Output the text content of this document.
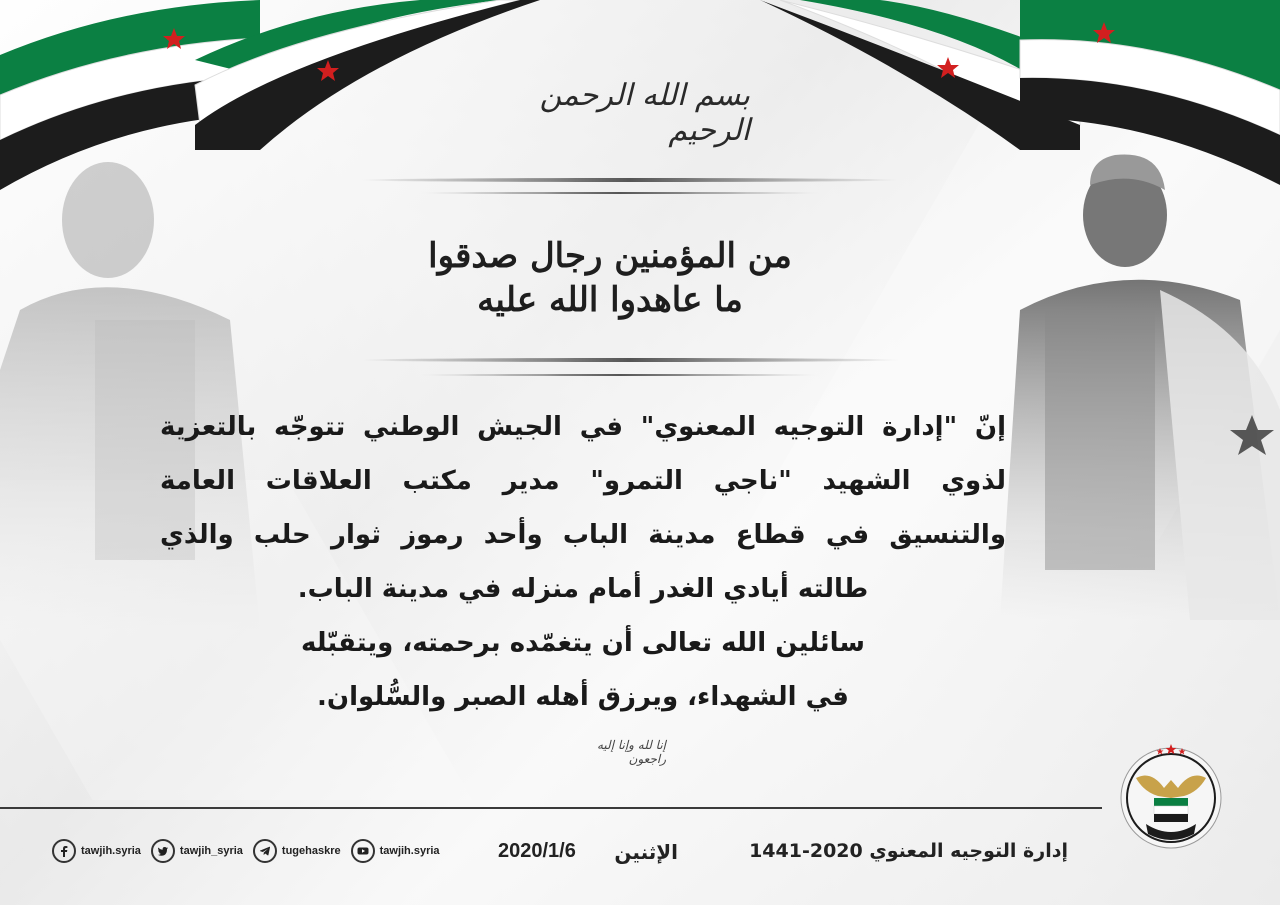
بسم الله الرحمن الرحيم
من المؤمنين رجال صدقوا ما عاهدوا الله عليه
إنّ "إدارة التوجيه المعنوي" في الجيش الوطني تتوجّه بالتعزية
لذوي الشهيد "ناجي التمرو" مدير مكتب العلاقات العامة
والتنسيق في قطاع مدينة الباب وأحد رموز ثوار حلب والذي
طالته أيادي الغدر أمام منزله في مدينة الباب.
سائلين الله تعالى أن يتغمّده برحمته، ويتقبّله
في الشهداء، ويرزق أهله الصبر والسُّلوان.
إنا لله وإنا إليه راجعون
tawjih.syria	tawjih_syria	tugehaskre	tawjih.syria	2020/1/6	الإثنين	إدارة التوجيه المعنوي 2020-1441
